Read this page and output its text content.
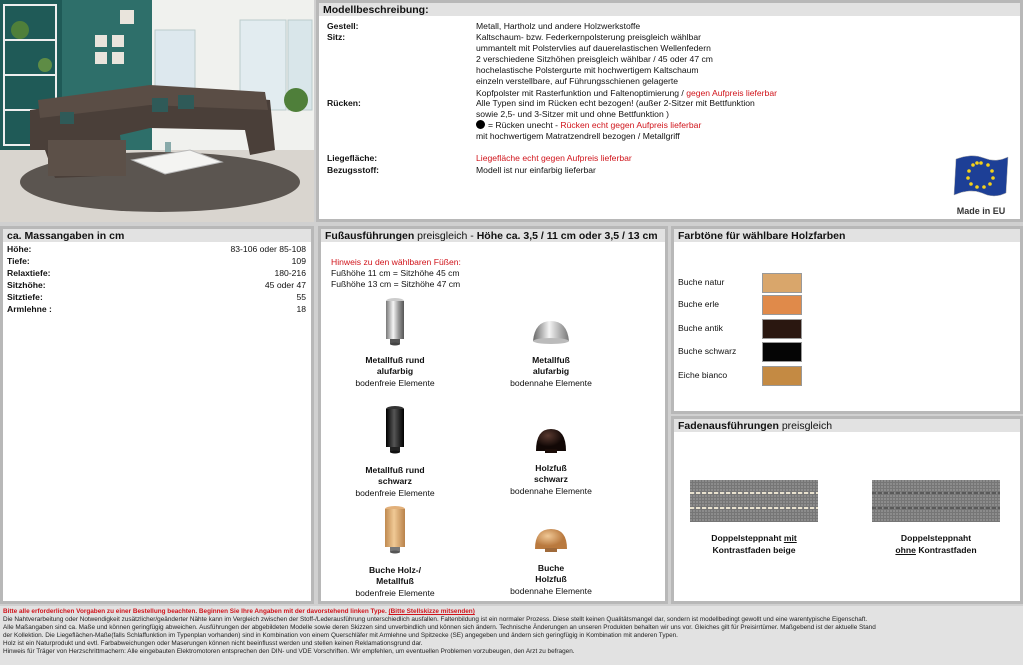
Modellbeschreibung:
Gestell:	Metall, Hartholz und andere Holzwerkstoffe
Sitz:	Kaltschaum- bzw. Federkernpolsterung preisgleich wählbar
ummantelt mit Polstervlies auf dauerelastischen Wellenfedern
2 verschiedene Sitzhöhen preisgleich wählbar / 45 oder 47 cm
hochelastische Polstergurte mit hochwertigem Kaltschaum
einzeln verstellbare, auf Führungsschienen gelagerte
Kopfpolster mit Rasterfunktion und Faltenoptimierung / gegen Aufpreis lieferbar
Rücken:	Alle Typen sind im Rücken echt bezogen! (außer 2-Sitzer mit Bettfunktion
sowie 2,5- und 3-Sitzer mit und ohne Bettfunktion )
= Rücken unecht - Rücken echt gegen Aufpreis lieferbar
mit hochwertigem Matratzendrell bezogen / Metallgriff
Liegefläche:	Liegefläche echt gegen Aufpreis lieferbar
Bezugsstoff:	Modell ist nur einfarbig lieferbar
Made in EU
ca. Massangaben in cm
Höhe:	83-106 oder 85-108
Tiefe:	109
Relaxtiefe:	180-216
Sitzhöhe:	45 oder 47
Sitztiefe:	55
Armlehne :	18
Fußausführungen preisgleich - Höhe ca. 3,5 / 11 cm oder 3,5 / 13 cm
Hinweis zu den wählbaren Füßen:
Fußhöhe 11 cm = Sitzhöhe 45 cm
Fußhöhe 13 cm = Sitzhöhe 47 cm
Metallfuß rund
alufarbig
bodenfreie Elemente
Metallfuß
alufarbig
bodennahe Elemente
Metallfuß rund
schwarz
bodenfreie Elemente
Holzfuß
schwarz
bodennahe Elemente
Buche Holz-/
Metallfuß
bodenfreie Elemente
Buche
Holzfuß
bodennahe Elemente
Farbtöne für wählbare Holzfarben
Buche natur
Buche erle
Buche antik
Buche schwarz
Eiche bianco
Fadenausführungen preisgleich
Doppelsteppnaht mit
Kontrastfaden beige
Doppelsteppnaht
ohne Kontrastfaden
Bitte alle erforderlichen Vorgaben zu einer Bestellung beachten. Beginnen Sie Ihre Angaben mit der davorstehend linken Type. (Bitte Stellskizze mitsenden)
Die Nahtverarbeitung oder Notwendigkeit zusätzlicher/geänderter Nähte kann im Vergleich zwischen der Stoff-/Lederausführung unterschiedlich ausfallen. Faltenbildung ist ein normaler Prozess. Diese stellt keinen Qualitätsmangel dar, sondern ist modellbedingt gewollt und eine warentypische Eigenschaft.
Alle Maßangaben sind ca. Maße und können geringfügig abweichen. Ausführungen der abgebildeten Modelle sowie deren Skizzen sind unverbindlich und können sich ändern. Technische Änderungen an unseren Produkten behalten wir uns vor. Gleiches gilt für Preisirrtümer. Maßgebend ist der aktuelle Stand
der Kollektion. Die Liegeflächen-Maße(falls Schlaffunktion im Typenplan vorhanden) sind in Kombination von einem Querschläfer mit Armlehne und Spitzecke (SE) angegeben und ändern sich geringfügig in Kombination mit anderen Typen.
Holz ist ein Naturprodukt und evtl. Farbabweichungen oder Maserungen können nicht beeinflusst werden und stellen keinen Reklamationsgrund dar.
Hinweis für Träger von Herzschrittmachern: Alle eingebauten Elektromotoren entsprechen den DIN- und VDE Vorschriften. Wir empfehlen, um eventuellen Problemen vorzubeugen, den Arzt zu befragen.
